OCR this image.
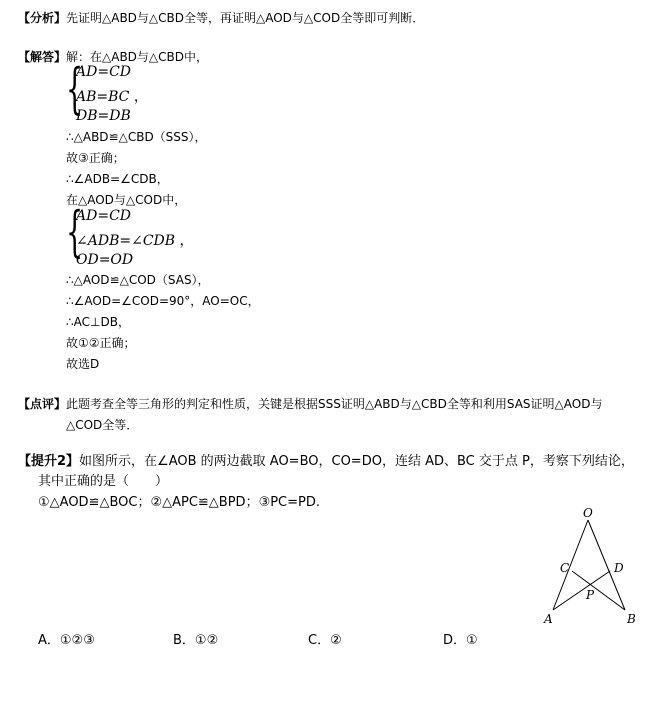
【分析】先证明△ABD与△CBD全等，再证明△AOD与△COD全等即可判断．
【解答】解：在△ABD与△CBD中，
{
AD=CD
AB=BC ，
DB=DB
∴△ABD≌△CBD（SSS），
故③正确；
∴∠ADB=∠CDB，
在△AOD与△COD中，
{
AD=CD
∠ADB=∠CDB ，
OD=OD
∴△AOD≌△COD（SAS），
∴∠AOD=∠COD=90°，AO=OC，
∴AC⊥DB，
故①②正确；
故选D
【点评】此题考查全等三角形的判定和性质，关键是根据SSS证明△ABD与△CBD全等和利用SAS证明△AOD与
△COD全等．
【提升2】如图所示，在∠AOB 的两边截取 AO=BO，CO=DO，连结 AD、BC 交于点 P，考察下列结论，
其中正确的是（　　）
①△AOD≌△BOC；②△APC≌△BPD；③PC=PD.
A．①②③	B．①②	C．②	D．①
O
C	D
P
A	B
